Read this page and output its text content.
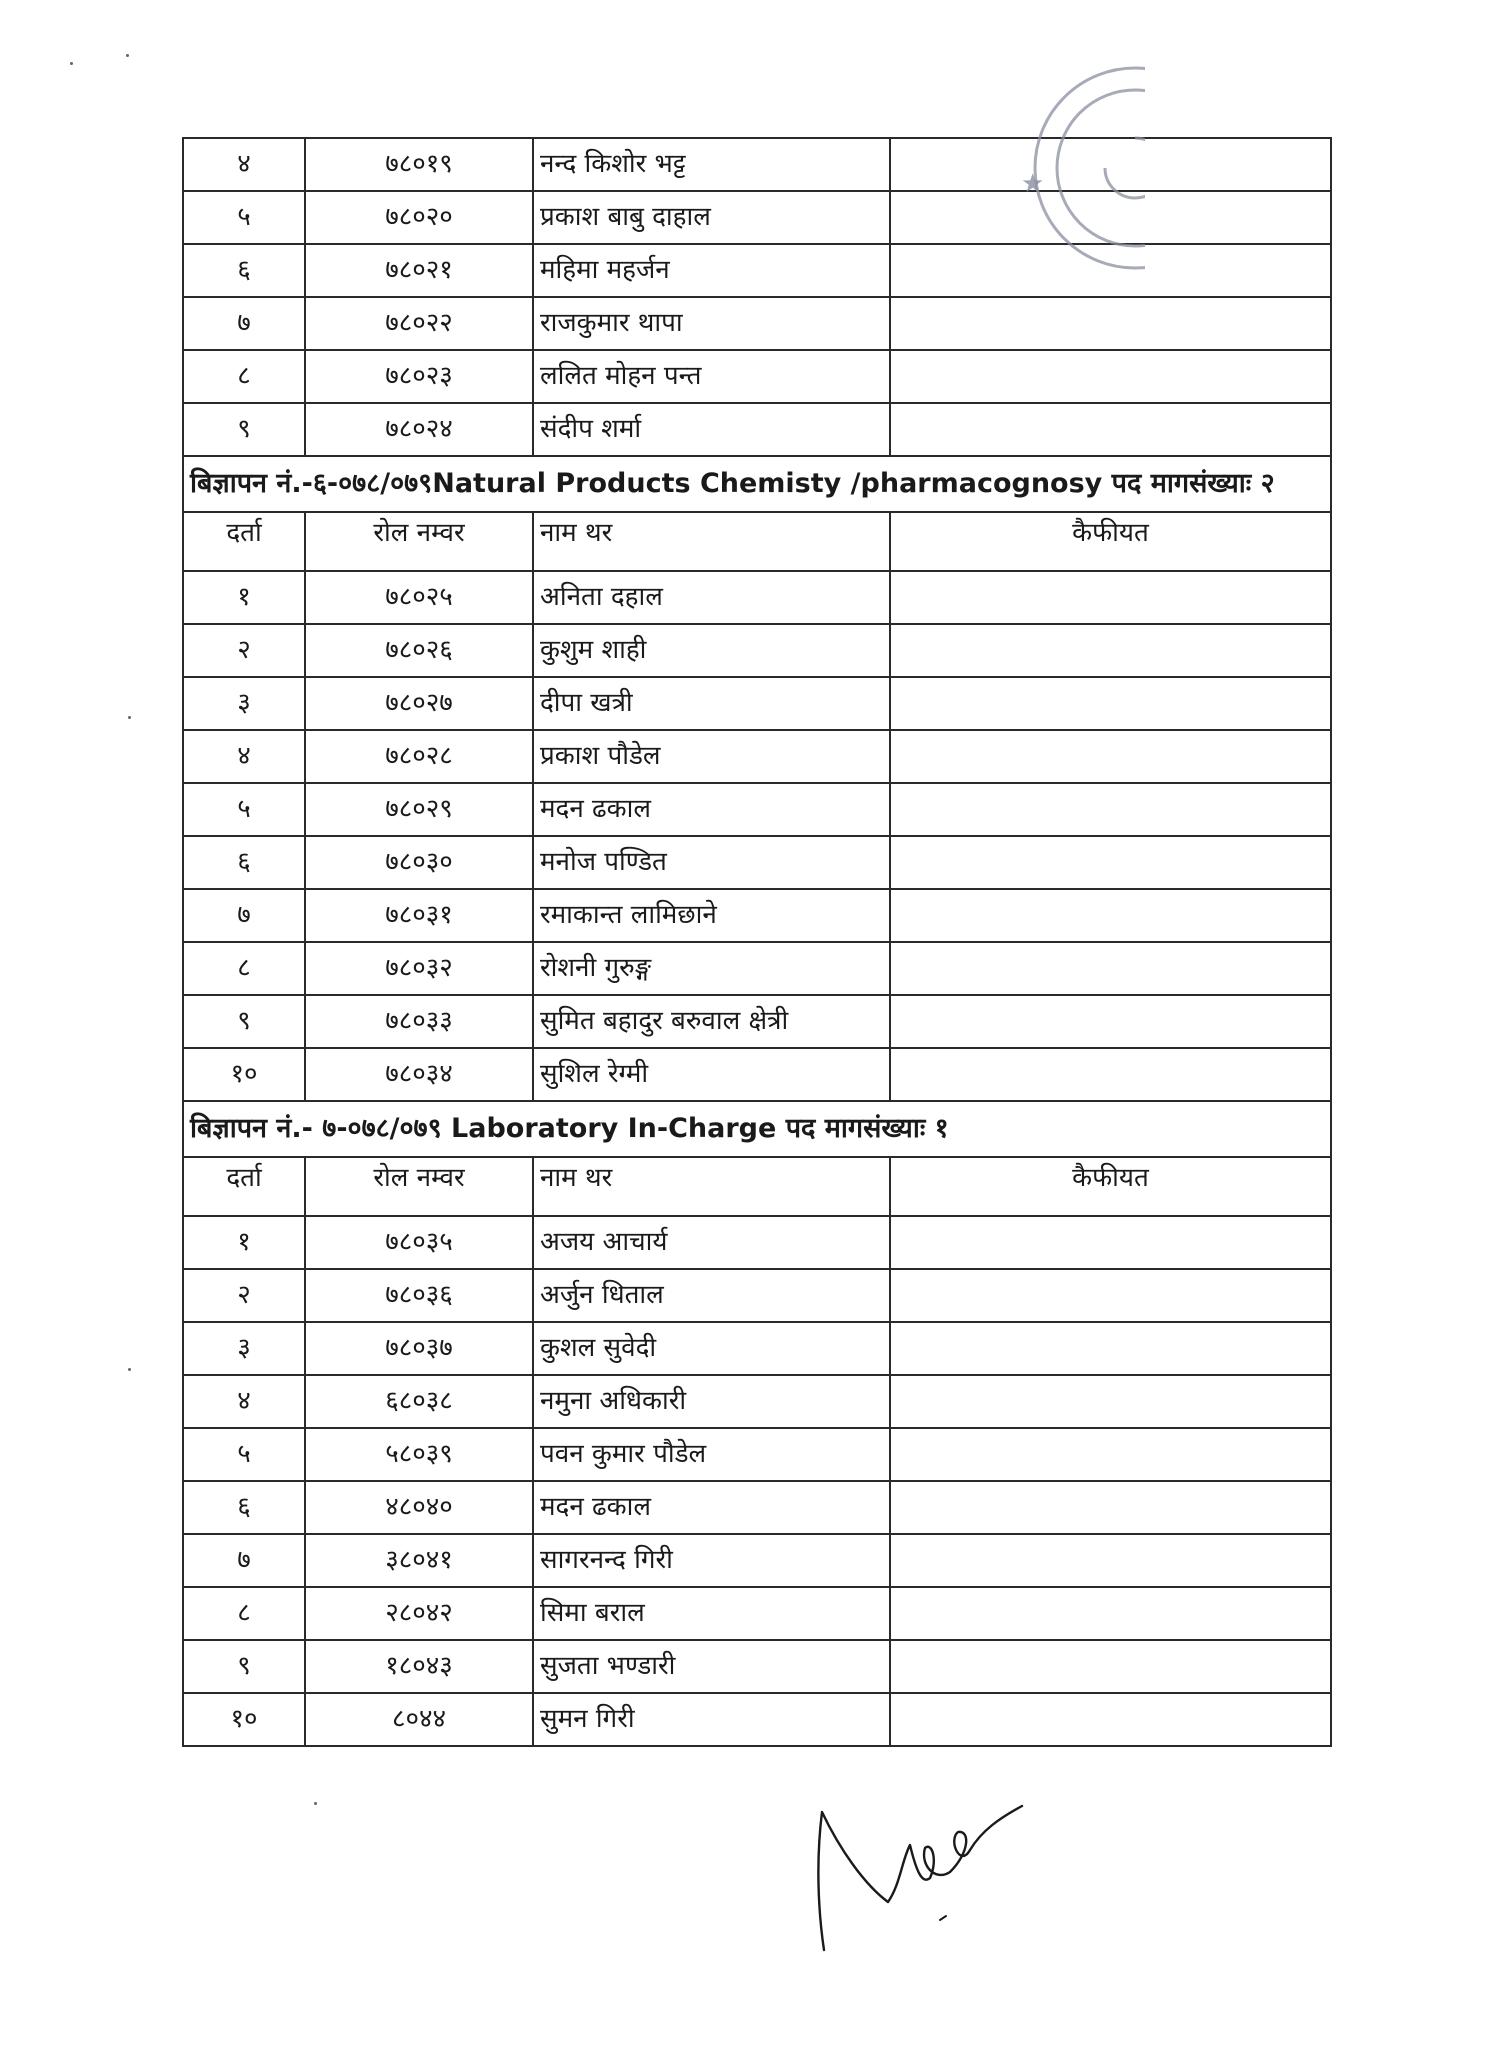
४	७८०१९	नन्द किशोर भट्ट	
५	७८०२०	प्रकाश बाबु दाहाल	
६	७८०२१	महिमा महर्जन	
७	७८०२२	राजकुमार थापा	
८	७८०२३	ललित मोहन पन्त	
९	७८०२४	संदीप शर्मा	
बिज्ञापन नं.-६-०७८/०७९Natural Products Chemisty /pharmacognosy पद मागसंख्याः २			
दर्ता	रोल नम्वर	नाम थर	कैफीयत
१	७८०२५	अनिता दहाल	
२	७८०२६	कुशुम शाही	
३	७८०२७	दीपा खत्री	
४	७८०२८	प्रकाश पौडेल	
५	७८०२९	मदन ढकाल	
६	७८०३०	मनोज पण्डित	
७	७८०३१	रमाकान्त लामिछाने	
८	७८०३२	रोशनी गुरुङ्ग	
९	७८०३३	सुमित बहादुर बरुवाल क्षेत्री	
१०	७८०३४	सुशिल रेग्मी	
बिज्ञापन नं.- ७-०७८/०७९ Laboratory In-Charge पद मागसंख्याः १			
दर्ता	रोल नम्वर	नाम थर	कैफीयत
१	७८०३५	अजय आचार्य	
२	७८०३६	अर्जुन धिताल	
३	७८०३७	कुशल सुवेदी	
४	६८०३८	नमुना अधिकारी	
५	५८०३९	पवन कुमार पौडेल	
६	४८०४०	मदन ढकाल	
७	३८०४१	सागरनन्द गिरी	
८	२८०४२	सिमा बराल	
९	१८०४३	सुजता भण्डारी	
१०	८०४४	सुमन गिरी	
★
